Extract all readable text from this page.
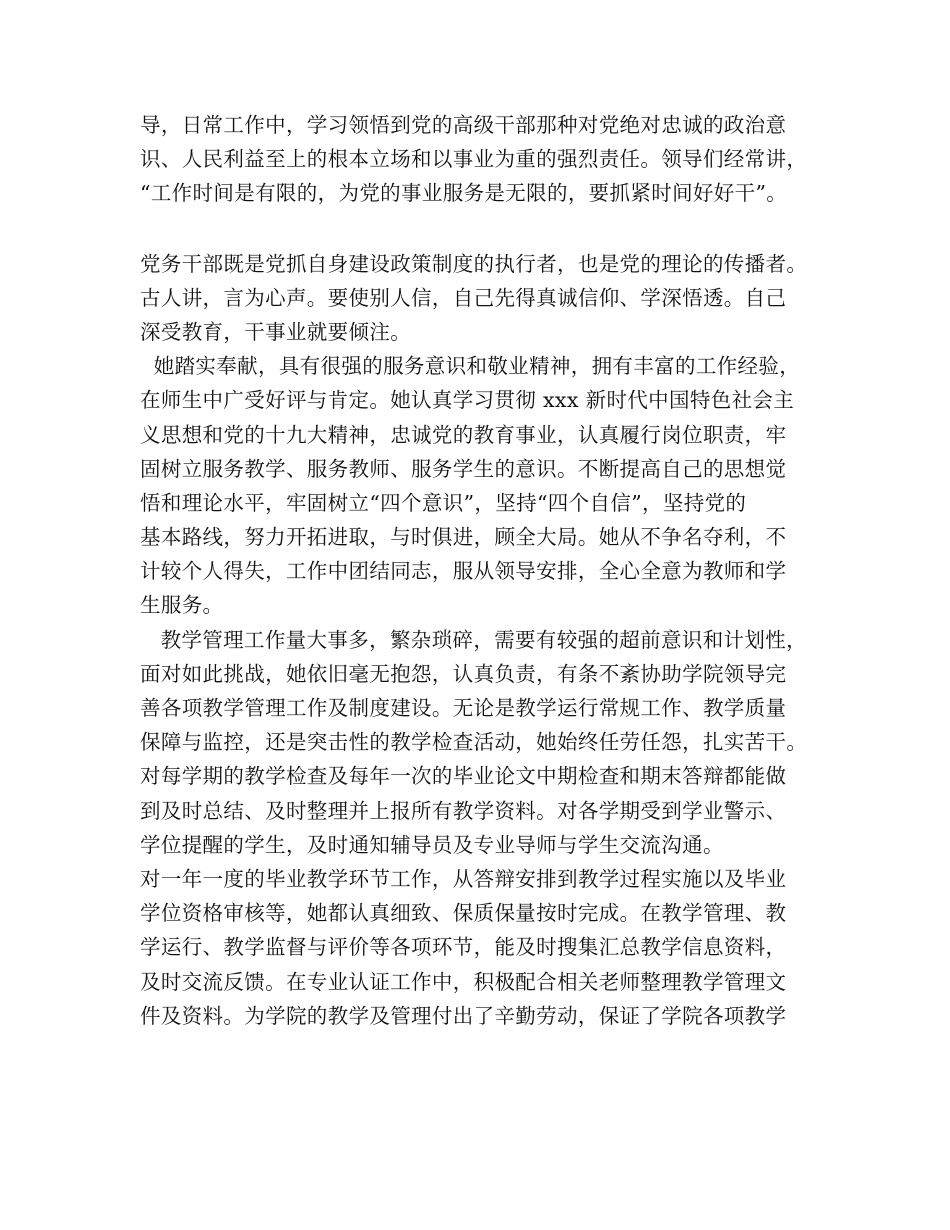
导，日常工作中，学习领悟到党的高级干部那种对党绝对忠诚的政治意
识、人民利益至上的根本立场和以事业为重的强烈责任。领导们经常讲，
“工作时间是有限的，为党的事业服务是无限的，要抓紧时间好好干”。
党务干部既是党抓自身建设政策制度的执行者，也是党的理论的传播者。
古人讲，言为心声。要使别人信，自己先得真诚信仰、学深悟透。自己
深受教育，干事业就要倾注。
她踏实奉献，具有很强的服务意识和敬业精神，拥有丰富的工作经验，
在师生中广受好评与肯定。她认真学习贯彻 xxx 新时代中国特色社会主
义思想和党的十九大精神，忠诚党的教育事业，认真履行岗位职责，牢
固树立服务教学、服务教师、服务学生的意识。不断提高自己的思想觉
悟和理论水平，牢固树立“四个意识”，坚持“四个自信”，坚持党的
基本路线，努力开拓进取，与时俱进，顾全大局。她从不争名夺利，不
计较个人得失，工作中团结同志，服从领导安排，全心全意为教师和学
生服务。
教学管理工作量大事多，繁杂琐碎，需要有较强的超前意识和计划性，
面对如此挑战，她依旧毫无抱怨，认真负责，有条不紊协助学院领导完
善各项教学管理工作及制度建设。无论是教学运行常规工作、教学质量
保障与监控，还是突击性的教学检查活动，她始终任劳任怨，扎实苦干。
对每学期的教学检查及每年一次的毕业论文中期检查和期末答辩都能做
到及时总结、及时整理并上报所有教学资料。对各学期受到学业警示、
学位提醒的学生，及时通知辅导员及专业导师与学生交流沟通。
对一年一度的毕业教学环节工作，从答辩安排到教学过程实施以及毕业
学位资格审核等，她都认真细致、保质保量按时完成。在教学管理、教
学运行、教学监督与评价等各项环节，能及时搜集汇总教学信息资料，
及时交流反馈。在专业认证工作中，积极配合相关老师整理教学管理文
件及资料。为学院的教学及管理付出了辛勤劳动，保证了学院各项教学
